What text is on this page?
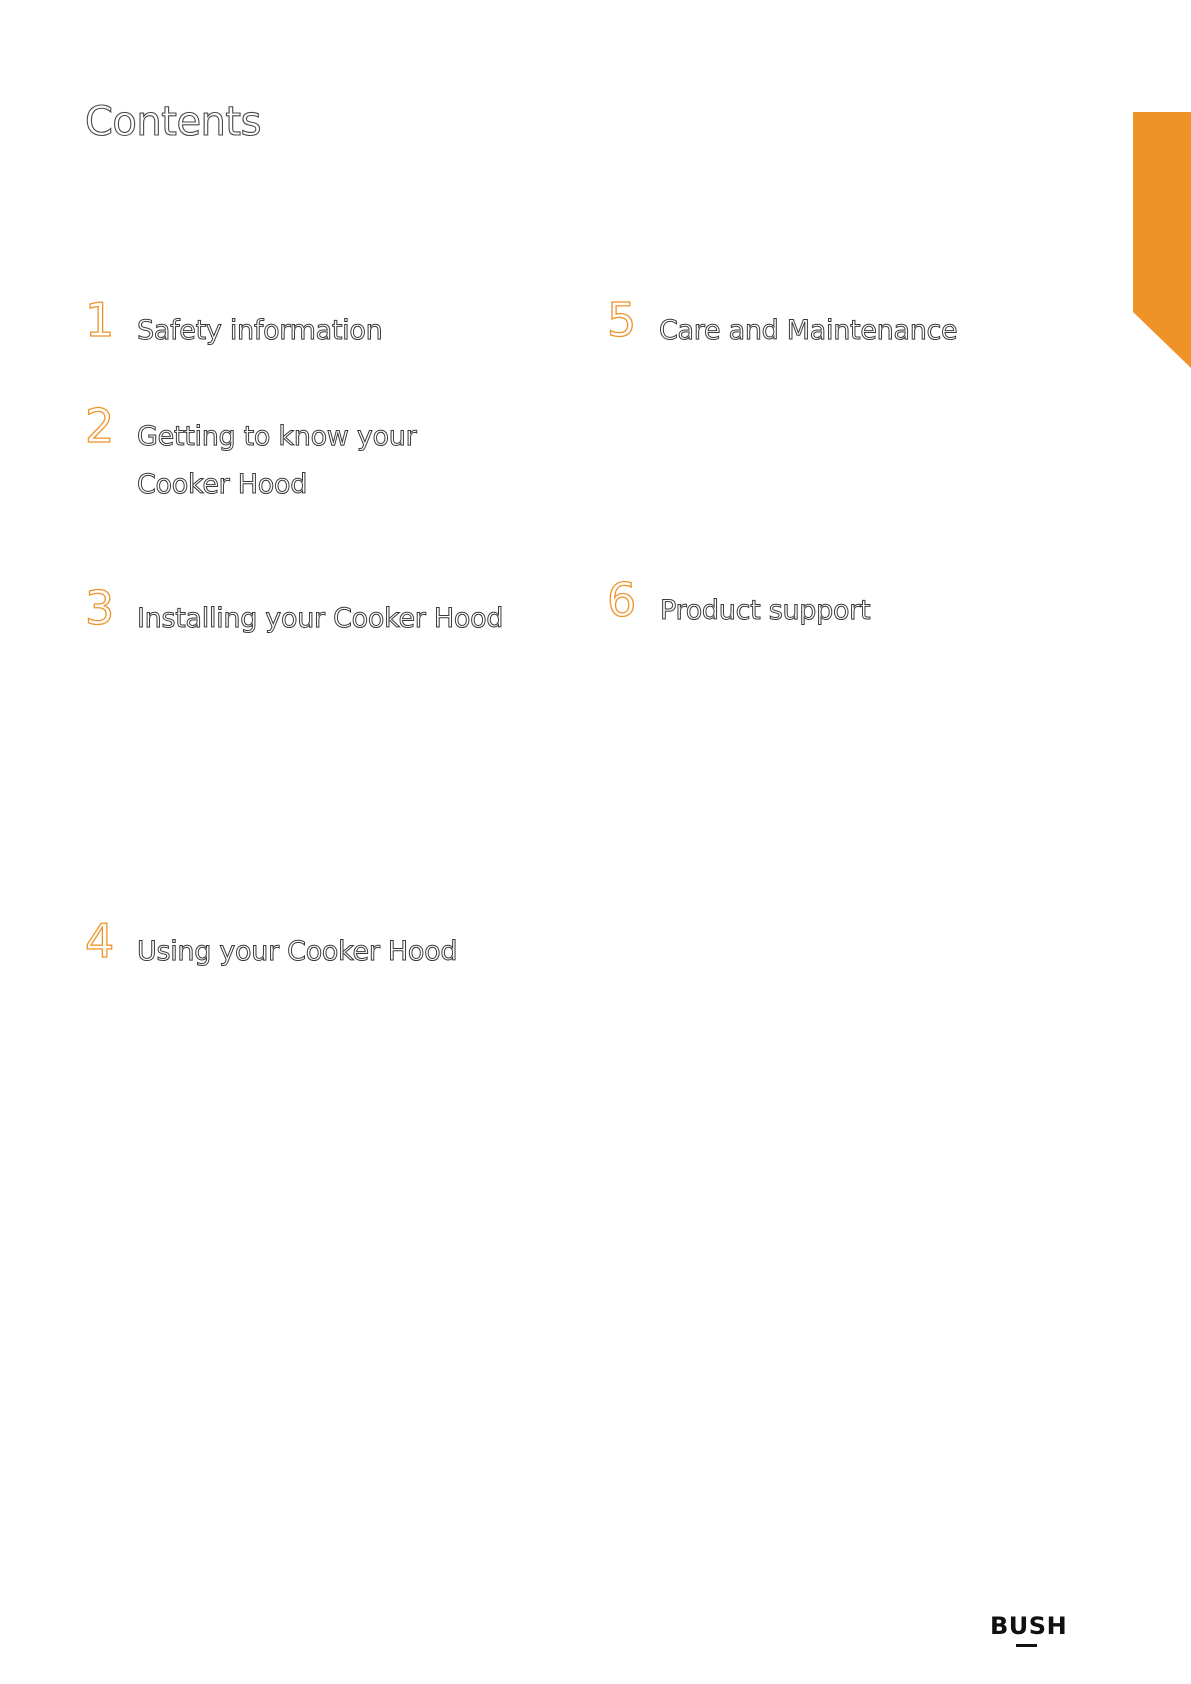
Contents
1 Safety information
2 Getting to know your
Cooker Hood
3 Installing your Cooker Hood
4 Using your Cooker Hood
5 Care and Maintenance
6 Product support
BUSH
